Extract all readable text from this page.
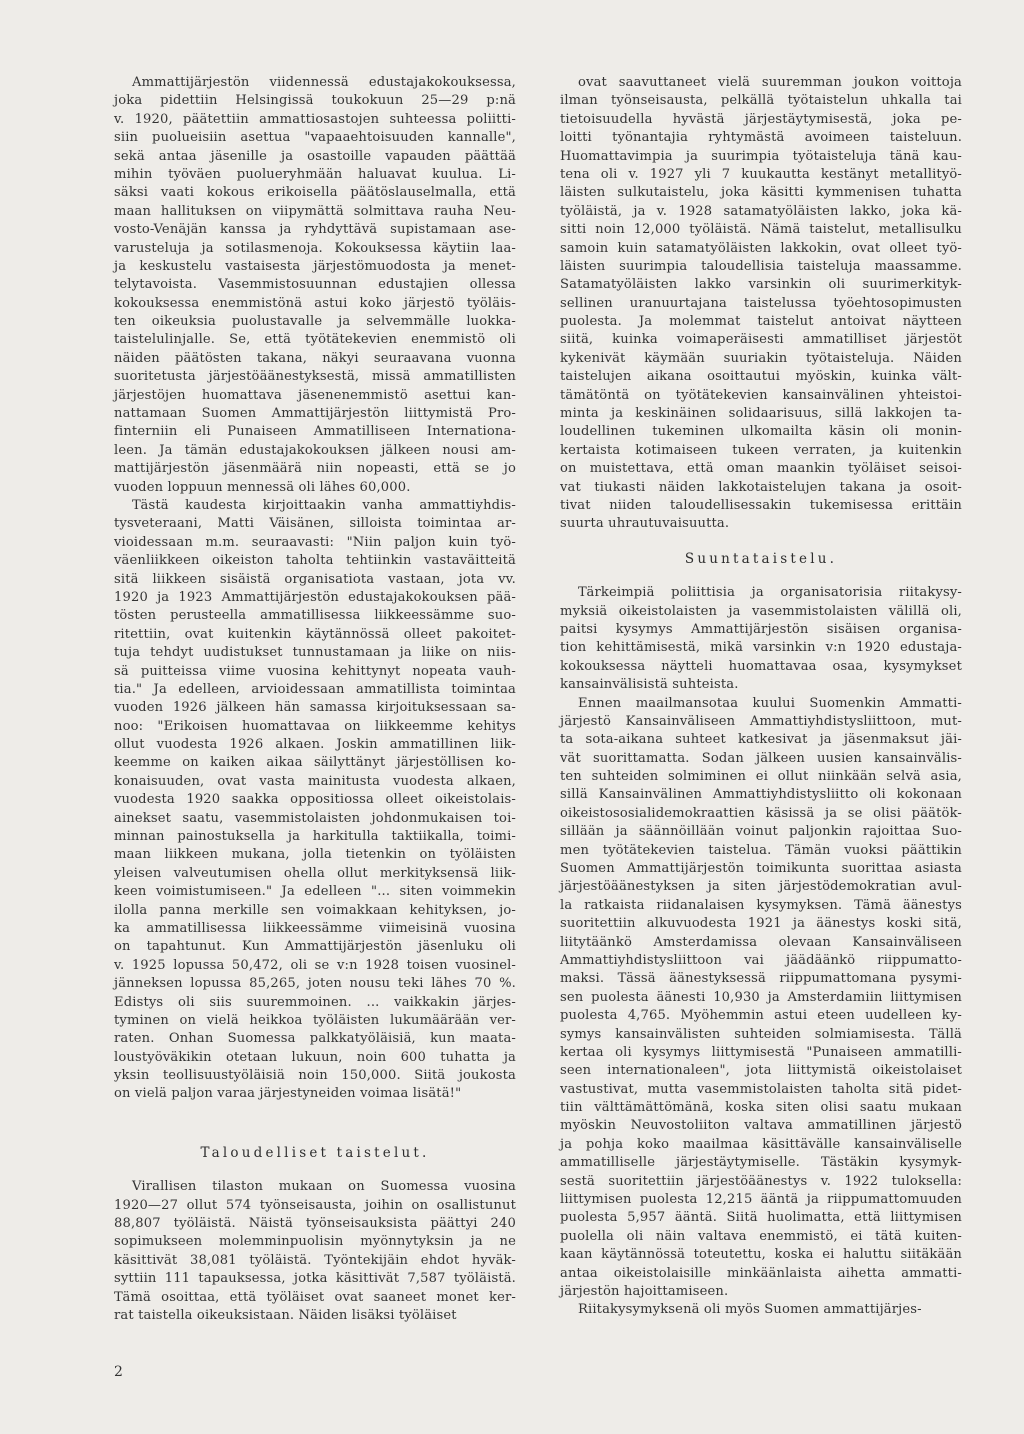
Ammattijärjestön viidennessä edustajakokouksessa,
joka pidettiin Helsingissä toukokuun 25—29 p:nä
v. 1920, päätettiin ammattiosastojen suhteessa poliitti-
siin puolueisiin asettua "vapaaehtoisuuden kannalle",
sekä antaa jäsenille ja osastoille vapauden päättää
mihin työväen puolueryhmään haluavat kuulua. Li-
säksi vaati kokous erikoisella päätöslauselmalla, että
maan hallituksen on viipymättä solmittava rauha Neu-
vosto-Venäjän kanssa ja ryhdyttävä supistamaan ase-
varusteluja ja sotilasmenoja. Kokouksessa käytiin laa-
ja keskustelu vastaisesta järjestömuodosta ja menet-
telytavoista. Vasemmistosuunnan edustajien ollessa
kokouksessa enemmistönä astui koko järjestö työläis-
ten oikeuksia puolustavalle ja selvemmälle luokka-
taistelulinjalle. Se, että työtätekevien enemmistö oli
näiden päätösten takana, näkyi seuraavana vuonna
suoritetusta järjestöäänestyksestä, missä ammatillisten
järjestöjen huomattava jäsenenemmistö asettui kan-
nattamaan Suomen Ammattijärjestön liittymistä Pro-
finterniin eli Punaiseen Ammatilliseen Internationa-
leen. Ja tämän edustajakokouksen jälkeen nousi am-
mattijärjestön jäsenmäärä niin nopeasti, että se jo
vuoden loppuun mennessä oli lähes 60,000.
Tästä kaudesta kirjoittaakin vanha ammattiyhdis-
tysveteraani, Matti Väisänen, silloista toimintaa ar-
vioidessaan m.m. seuraavasti: "Niin paljon kuin työ-
väenliikkeen oikeiston taholta tehtiinkin vastaväitteitä
sitä liikkeen sisäistä organisatiota vastaan, jota vv.
1920 ja 1923 Ammattijärjestön edustajakokouksen pää-
tösten perusteella ammatillisessa liikkeessämme suo-
ritettiin, ovat kuitenkin käytännössä olleet pakoitet-
tuja tehdyt uudistukset tunnustamaan ja liike on niis-
sä puitteissa viime vuosina kehittynyt nopeata vauh-
tia." Ja edelleen, arvioidessaan ammatillista toimintaa
vuoden 1926 jälkeen hän samassa kirjoituksessaan sa-
noo: "Erikoisen huomattavaa on liikkeemme kehitys
ollut vuodesta 1926 alkaen. Joskin ammatillinen liik-
keemme on kaiken aikaa säilyttänyt järjestöllisen ko-
konaisuuden, ovat vasta mainitusta vuodesta alkaen,
vuodesta 1920 saakka oppositiossa olleet oikeistolais-
ainekset saatu, vasemmistolaisten johdonmukaisen toi-
minnan painostuksella ja harkitulla taktiikalla, toimi-
maan liikkeen mukana, jolla tietenkin on työläisten
yleisen valveutumisen ohella ollut merkityksensä liik-
keen voimistumiseen." Ja edelleen "... siten voimmekin
ilolla panna merkille sen voimakkaan kehityksen, jo-
ka ammatillisessa liikkeessämme viimeisinä vuosina
on tapahtunut. Kun Ammattijärjestön jäsenluku oli
v. 1925 lopussa 50,472, oli se v:n 1928 toisen vuosinel-
jänneksen lopussa 85,265, joten nousu teki lähes 70 %.
Edistys oli siis suuremmoinen. ... vaikkakin järjes-
tyminen on vielä heikkoa työläisten lukumäärään ver-
raten. Onhan Suomessa palkkatyöläisiä, kun maata-
loustyöväkikin otetaan lukuun, noin 600 tuhatta ja
yksin teollisuustyöläisiä noin 150,000. Siitä joukosta
on vielä paljon varaa järjestyneiden voimaa lisätä!"
Taloudelliset taistelut.
Virallisen tilaston mukaan on Suomessa vuosina
1920—27 ollut 574 työnseisausta, joihin on osallistunut
88,807 työläistä. Näistä työnseisauksista päättyi 240
sopimukseen molemminpuolisin myönnytyksin ja ne
käsittivät 38,081 työläistä. Työntekijäin ehdot hyväk-
syttiin 111 tapauksessa, jotka käsittivät 7,587 työläistä.
Tämä osoittaa, että työläiset ovat saaneet monet ker-
rat taistella oikeuksistaan. Näiden lisäksi työläiset
ovat saavuttaneet vielä suuremman joukon voittoja
ilman työnseisausta, pelkällä työtaistelun uhkalla tai
tietoisuudella hyvästä järjestäytymisestä, joka pe-
loitti työnantajia ryhtymästä avoimeen taisteluun.
Huomattavimpia ja suurimpia työtaisteluja tänä kau-
tena oli v. 1927 yli 7 kuukautta kestänyt metallityö-
läisten sulkutaistelu, joka käsitti kymmenisen tuhatta
työläistä, ja v. 1928 satamatyöläisten lakko, joka kä-
sitti noin 12,000 työläistä. Nämä taistelut, metallisulku
samoin kuin satamatyöläisten lakkokin, ovat olleet työ-
läisten suurimpia taloudellisia taisteluja maassamme.
Satamatyöläisten lakko varsinkin oli suurimerkityk-
sellinen uranuurtajana taistelussa työehtosopimusten
puolesta. Ja molemmat taistelut antoivat näytteen
siitä, kuinka voimaperäisesti ammatilliset järjestöt
kykenivät käymään suuriakin työtaisteluja. Näiden
taistelujen aikana osoittautui myöskin, kuinka vält-
tämätöntä on työtätekevien kansainvälinen yhteistoi-
minta ja keskinäinen solidaarisuus, sillä lakkojen ta-
loudellinen tukeminen ulkomailta käsin oli monin-
kertaista kotimaiseen tukeen verraten, ja kuitenkin
on muistettava, että oman maankin työläiset seisoi-
vat tiukasti näiden lakkotaistelujen takana ja osoit-
tivat niiden taloudellisessakin tukemisessa erittäin
suurta uhrautuvaisuutta.
Suuntataistelu.
Tärkeimpiä poliittisia ja organisatorisia riitakysy-
myksiä oikeistolaisten ja vasemmistolaisten välillä oli,
paitsi kysymys Ammattijärjestön sisäisen organisa-
tion kehittämisestä, mikä varsinkin v:n 1920 edustaja-
kokouksessa näytteli huomattavaa osaa, kysymykset
kansainvälisistä suhteista.
Ennen maailmansotaa kuului Suomenkin Ammatti-
järjestö Kansainväliseen Ammattiyhdistysliittoon, mut-
ta sota-aikana suhteet katkesivat ja jäsenmaksut jäi-
vät suorittamatta. Sodan jälkeen uusien kansainvälis-
ten suhteiden solmiminen ei ollut niinkään selvä asia,
sillä Kansainvälinen Ammattiyhdistysliitto oli kokonaan
oikeistososialidemokraattien käsissä ja se olisi päätök-
sillään ja säännöillään voinut paljonkin rajoittaa Suo-
men työtätekevien taistelua. Tämän vuoksi päättikin
Suomen Ammattijärjestön toimikunta suorittaa asiasta
järjestöäänestyksen ja siten järjestödemokratian avul-
la ratkaista riidanalaisen kysymyksen. Tämä äänestys
suoritettiin alkuvuodesta 1921 ja äänestys koski sitä,
liitytäänkö Amsterdamissa olevaan Kansainväliseen
Ammattiyhdistysliittoon vai jäädäänkö riippumatto-
maksi. Tässä äänestyksessä riippumattomana pysymi-
sen puolesta äänesti 10,930 ja Amsterdamiin liittymisen
puolesta 4,765. Myöhemmin astui eteen uudelleen ky-
symys kansainvälisten suhteiden solmiamisesta. Tällä
kertaa oli kysymys liittymisestä "Punaiseen ammatilli-
seen internationaleen", jota liittymistä oikeistolaiset
vastustivat, mutta vasemmistolaisten taholta sitä pidet-
tiin välttämättömänä, koska siten olisi saatu mukaan
myöskin Neuvostoliiton valtava ammatillinen järjestö
ja pohja koko maailmaa käsittävälle kansainväliselle
ammatilliselle järjestäytymiselle. Tästäkin kysymyk-
sestä suoritettiin järjestöäänestys v. 1922 tuloksella:
liittymisen puolesta 12,215 ääntä ja riippumattomuuden
puolesta 5,957 ääntä. Siitä huolimatta, että liittymisen
puolella oli näin valtava enemmistö, ei tätä kuiten-
kaan käytännössä toteutettu, koska ei haluttu siitäkään
antaa oikeistolaisille minkäänlaista aihetta ammatti-
järjestön hajoittamiseen.
Riitakysymyksenä oli myös Suomen ammattijärjes-
2
